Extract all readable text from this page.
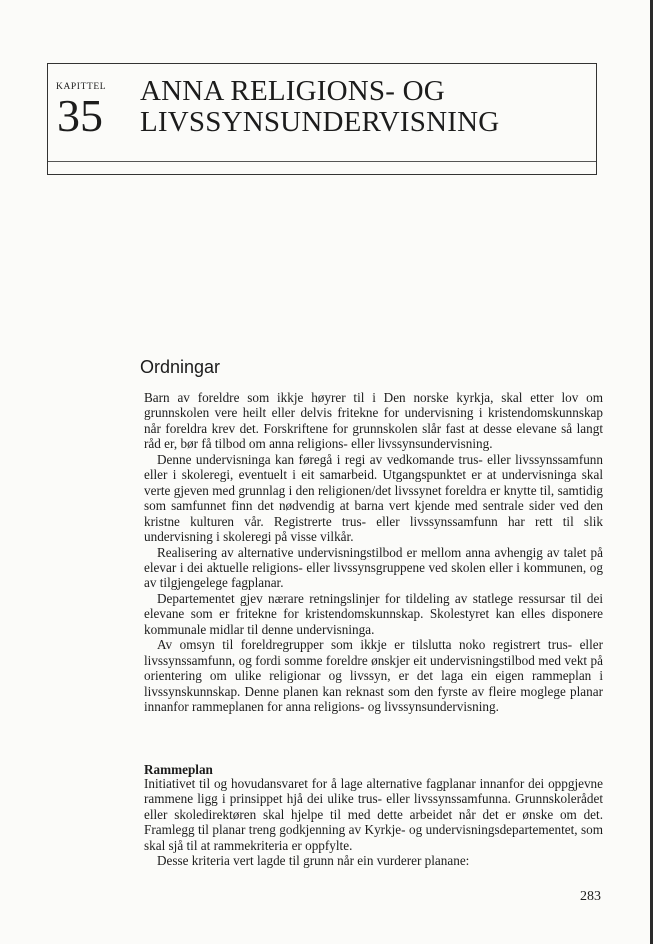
KAPITTEL
35 ANNA RELIGIONS- OG
LIVSSYNSUNDERVISNING
Ordningar

Barn av foreldre som ikkje høyrer til i Den norske kyrkja, skal etter lov om grunnskolen vere heilt eller delvis fritekne for undervisning i kristendomskunnskap når foreldra krev det. Forskriftene for grunnskolen slår fast at desse elevane så langt råd er, bør få tilbod om anna religions- eller livssynsundervisning.

Denne undervisninga kan føregå i regi av vedkomande trus- eller livssynssamfunn eller i skoleregi, eventuelt i eit samarbeid. Utgangspunktet er at undervisninga skal verte gjeven med grunnlag i den religionen/det livssynet foreldra er knytte til, samtidig som samfunnet finn det nødvendig at barna vert kjende med sentrale sider ved den kristne kulturen vår. Registrerte trus- eller livssynssamfunn har rett til slik undervisning i skoleregi på visse vilkår.

Realisering av alternative undervisningstilbod er mellom anna avhengig av talet på elevar i dei aktuelle religions- eller livssynsgruppene ved skolen eller i kommunen, og av tilgjengelege fagplanar.

Departementet gjev nærare retningslinjer for tildeling av statlege ressursar til dei elevane som er fritekne for kristendomskunnskap. Skolestyret kan elles disponere kommunale midlar til denne undervisninga.

Av omsyn til foreldregrupper som ikkje er tilslutta noko registrert trus- eller livssynssamfunn, og fordi somme foreldre ønskjer eit undervisningstilbod med vekt på orientering om ulike religionar og livssyn, er det laga ein eigen rammeplan i livssynskunnskap. Denne planen kan reknast som den fyrste av fleire moglege planar innanfor rammeplanen for anna religions- og livssynsundervisning.

Rammeplan

Initiativet til og hovudansvaret for å lage alternative fagplanar innanfor dei oppgjevne rammene ligg i prinsippet hjå dei ulike trus- eller livssynssamfunna. Grunnskolerådet eller skoledirektøren skal hjelpe til med dette arbeidet når det er ønske om det. Framlegg til planar treng godkjenning av Kyrkje- og undervisningsdepartementet, som skal sjå til at rammekriteria er oppfylte.

Desse kriteria vert lagde til grunn når ein vurderer planane:

283
